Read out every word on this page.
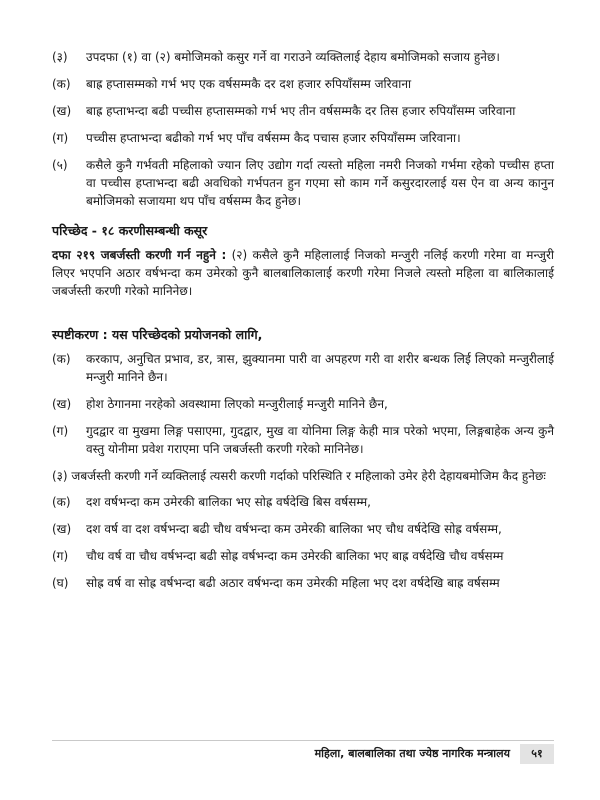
(३)	उपदफा (१) वा (२) बमोजिमको कसुर गर्ने वा गराउने व्यक्तिलाई देहाय बमोजिमको सजाय हुनेछ।
(क)	बाह्र हप्तासम्मको गर्भ भए एक वर्षसम्मकै दर दश हजार रुपियाँसम्म जरिवाना
(ख)	बाह्र हप्ताभन्दा बढी पच्चीस हप्तासम्मको गर्भ भए तीन वर्षसम्मकै दर तिस हजार रुपियाँसम्म जरिवाना
(ग)	पच्चीस हप्ताभन्दा बढीको गर्भ भए पाँच वर्षसम्म कैद पचास हजार रुपियाँसम्म जरिवाना।
(५)	कसैले कुनै गर्भवती महिलाको ज्यान लिए उद्योग गर्दा त्यस्तो महिला नमरी निजको गर्भमा रहेको पच्चीस हप्ता वा पच्चीस हप्ताभन्दा बढी अवधिको गर्भपतन हुन गएमा सो काम गर्ने कसुरदारलाई यस ऐन वा अन्य कानुन बमोजिमको सजायमा थप पाँच वर्षसम्म कैद हुनेछ।
परिच्छेद - १८ करणीसम्बन्धी कसूर
दफा २१९ जबर्जस्ती करणी गर्न नहुने : (२) कसैले कुनै महिलालाई निजको मन्जुरी नलिई करणी गरेमा वा मन्जुरी लिएर भएपनि अठार वर्षभन्दा कम उमेरको कुनै बालबालिकालाई करणी गरेमा निजले त्यस्तो महिला वा बालिकालाई जबर्जस्ती करणी गरेको मानिनेछ।
स्पष्टीकरण : यस परिच्छेदको प्रयोजनको लागि,
(क)	करकाप, अनुचित प्रभाव, डर, त्रास, झुक्यानमा पारी वा अपहरण गरी वा शरीर बन्धक लिई लिएको मन्जुरीलाई मन्जुरी मानिने छैन।
(ख)	होश ठेगानमा नरहेको अवस्थामा लिएको मन्जुरीलाई मन्जुरी मानिने छैन,
(ग)	गुदद्वार वा मुखमा लिङ्ग पसाएमा, गुदद्वार, मुख वा योनिमा लिङ्ग केही मात्र परेको भएमा, लिङ्गबाहेक अन्य कुनै वस्तु योनीमा प्रवेश गराएमा पनि जबर्जस्ती करणी गरेको मानिनेछ।
(३) जबर्जस्ती करणी गर्ने व्यक्तिलाई त्यसरी करणी गर्दाको परिस्थिति र महिलाको उमेर हेरी देहायबमोजिम कैद हुनेछः
(क)	दश वर्षभन्दा कम उमेरकी बालिका भए सोह्र वर्षदेखि बिस वर्षसम्म,
(ख)	दश वर्ष वा दश वर्षभन्दा बढी चौध वर्षभन्दा कम उमेरकी बालिका भए चौध वर्षदेखि सोह्र वर्षसम्म,
(ग)	चौध वर्ष वा चौध वर्षभन्दा बढी सोह्र वर्षभन्दा कम उमेरकी बालिका भए बाह्र वर्षदेखि चौध वर्षसम्म
(घ)	सोह्र वर्ष वा सोह्र वर्षभन्दा बढी अठार वर्षभन्दा कम उमेरकी महिला भए दश वर्षदेखि बाह्र वर्षसम्म
महिला, बालबालिका तथा ज्येष्ठ नागरिक मन्त्रालय	५१
